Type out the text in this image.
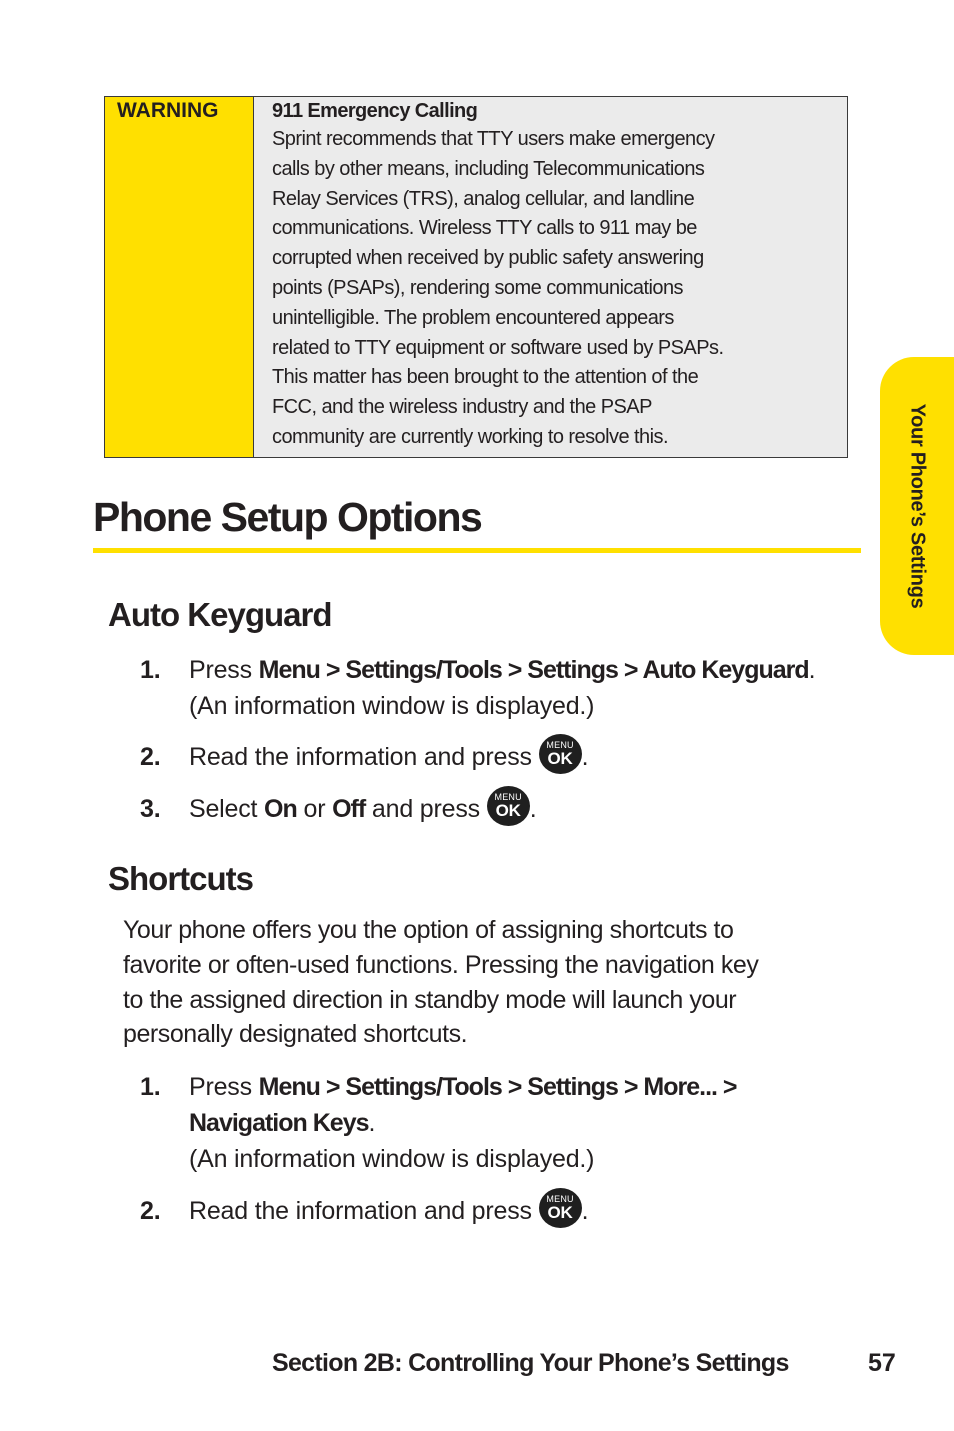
WARNING	911 Emergency Calling

Sprint recommends that TTY users make emergency
calls by other means, including Telecommunications
Relay Services (TRS), analog cellular, and landline
communications. Wireless TTY calls to 911 may be
corrupted when received by public safety answering
points (PSAPs), rendering some communications
unintelligible. The problem encountered appears
related to TTY equipment or software used by PSAPs.
This matter has been brought to the attention of the
FCC, and the wireless industry and the PSAP
community are currently working to resolve this.	Your Phone’s Settings
Phone Setup Options
Auto Keyguard
1. Press Menu > Settings/Tools > Settings > Auto Keyguard.
(An information window is displayed.)
2. Read the information and press MENU
OK .
3. Select On or Off and press MENU
OK .
Shortcuts

Your phone offers you the option of assigning shortcuts to
favorite or often-used functions. Pressing the navigation key
to the assigned direction in standby mode will launch your
personally designated shortcuts.

1. Press Menu > Settings/Tools > Settings > More... >
Navigation Keys.
(An information window is displayed.)
2. Read the information and press MENU
OK .
Section 2B: Controlling Your Phone’s Settings	57
